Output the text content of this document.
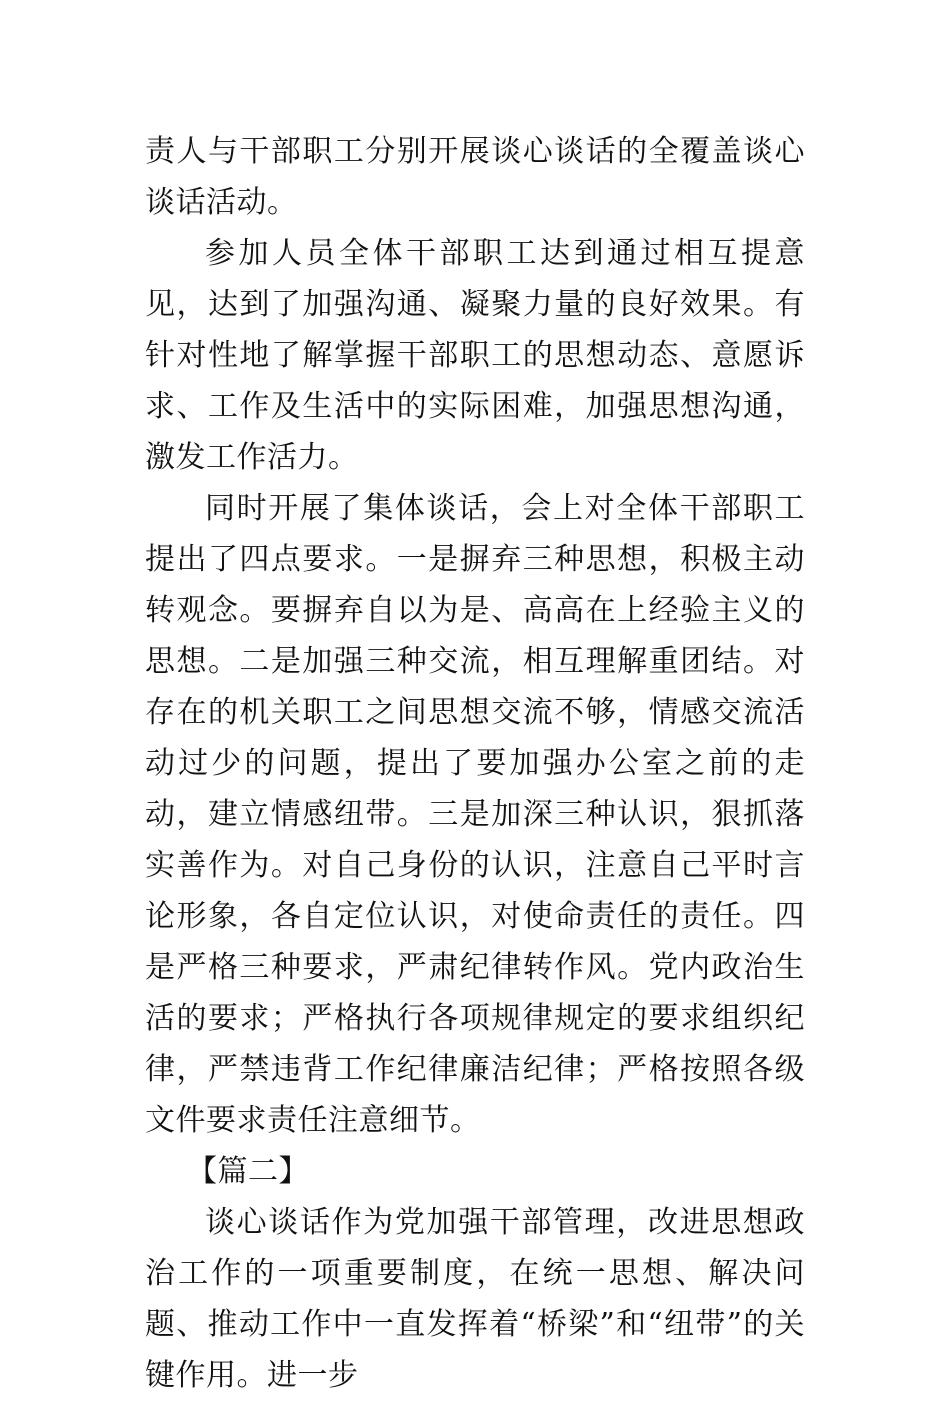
责人与干部职工分别开展谈心谈话的全覆盖谈心谈话活动。

参加人员全体干部职工达到通过相互提意见，达到了加强沟通、凝聚力量的良好效果。有针对性地了解掌握干部职工的思想动态、意愿诉求、工作及生活中的实际困难，加强思想沟通，激发工作活力。

同时开展了集体谈话，会上对全体干部职工提出了四点要求。一是摒弃三种思想，积极主动转观念。要摒弃自以为是、高高在上经验主义的思想。二是加强三种交流，相互理解重团结。对存在的机关职工之间思想交流不够，情感交流活动过少的问题，提出了要加强办公室之前的走动，建立情感纽带。三是加深三种认识，狠抓落实善作为。对自己身份的认识，注意自己平时言论形象，各自定位认识，对使命责任的责任。四是严格三种要求，严肃纪律转作风。党内政治生活的要求；严格执行各项规律规定的要求组织纪律，严禁违背工作纪律廉洁纪律；严格按照各级文件要求责任注意细节。

【篇二】

谈心谈话作为党加强干部管理，改进思想政治工作的一项重要制度，在统一思想、解决问题、推动工作中一直发挥着“桥梁”和“纽带”的关键作用。进一步
